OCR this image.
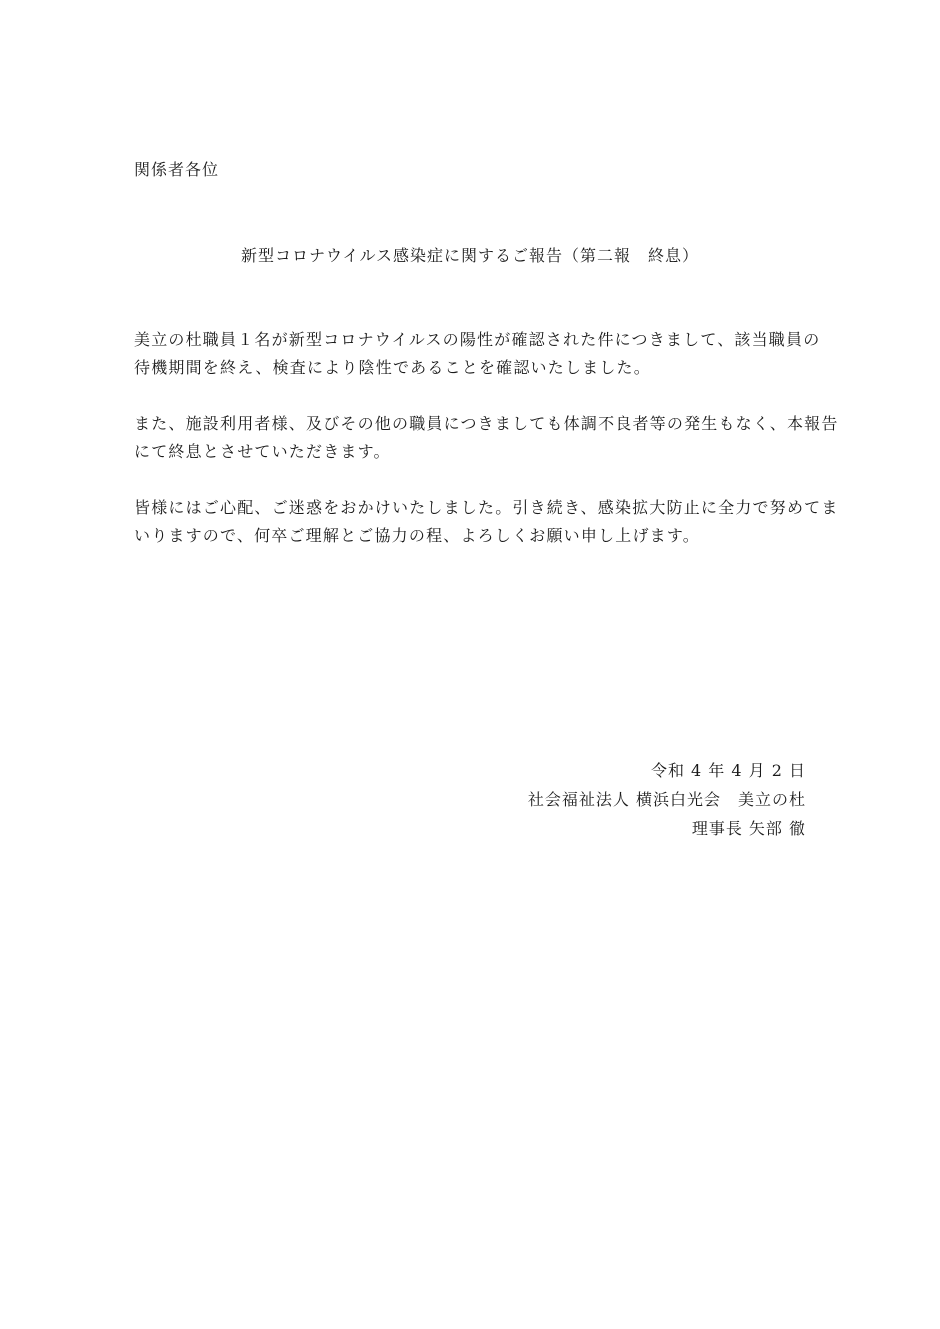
関係者各位
新型コロナウイルス感染症に関するご報告（第二報　終息）

美立の杜職員１名が新型コロナウイルスの陽性が確認された件につきまして、該当職員の
待機期間を終え、検査により陰性であることを確認いたしました。

また、施設利用者様、及びその他の職員につきましても体調不良者等の発生もなく、本報告
にて終息とさせていただきます。

皆様にはご心配、ご迷惑をおかけいたしました。引き続き、感染拡大防止に全力で努めてま
いりますので、何卒ご理解とご協力の程、よろしくお願い申し上げます。

令和 4 年 4 月 2 日
社会福祉法人 横浜白光会　美立の杜
理事長 矢部 徹
